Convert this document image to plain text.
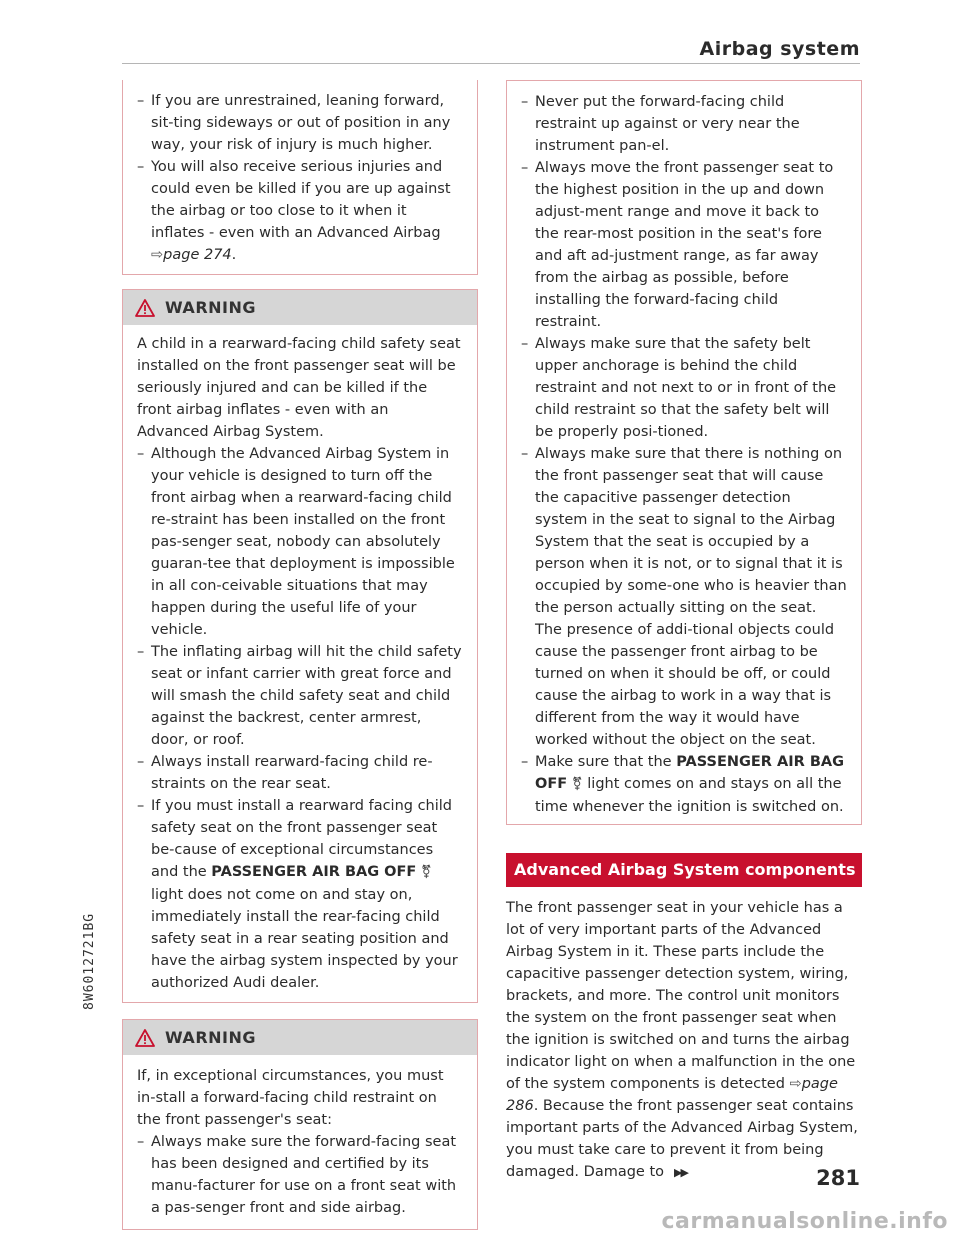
Airbag system
– If you are unrestrained, leaning forward, sit-ting sideways or out of position in any way, your risk of injury is much higher.
– You will also receive serious injuries and could even be killed if you are up against the airbag or too close to it when it inflates - even with an Advanced Airbag ⇨page 274.
WARNING

A child in a rearward-facing child safety seat installed on the front passenger seat will be seriously injured and can be killed if the front airbag inflates - even with an Advanced Airbag System.

– Although the Advanced Airbag System in your vehicle is designed to turn off the front airbag when a rearward-facing child re-straint has been installed on the front pas-senger seat, nobody can absolutely guaran-tee that deployment is impossible in all con-ceivable situations that may happen during the useful life of your vehicle.
– The inflating airbag will hit the child safety seat or infant carrier with great force and will smash the child safety seat and child against the backrest, center armrest, door, or roof.
– Always install rearward-facing child re-straints on the rear seat.
– If you must install a rearward facing child safety seat on the front passenger seat be-cause of exceptional circumstances and the PASSENGER AIR BAG OFF ⚧ light does not come on and stay on, immediately install the rear-facing child safety seat in a rear seating position and have the airbag system inspected by your authorized Audi dealer.
WARNING

If, in exceptional circumstances, you must in-stall a forward-facing child restraint on the front passenger's seat:

– Always make sure the forward-facing seat has been designed and certified by its manu-facturer for use on a front seat with a pas-senger front and side airbag.
– Never put the forward-facing child restraint up against or very near the instrument pan-el.
– Always move the front passenger seat to the highest position in the up and down adjust-ment range and move it back to the rear-most position in the seat's fore and aft ad-justment range, as far away from the airbag as possible, before installing the forward-facing child restraint.
– Always make sure that the safety belt upper anchorage is behind the child restraint and not next to or in front of the child restraint so that the safety belt will be properly posi-tioned.
– Always make sure that there is nothing on the front passenger seat that will cause the capacitive passenger detection system in the seat to signal to the Airbag System that the seat is occupied by a person when it is not, or to signal that it is occupied by some-one who is heavier than the person actually sitting on the seat. The presence of addi-tional objects could cause the passenger front airbag to be turned on when it should be off, or could cause the airbag to work in a way that is different from the way it would have worked without the object on the seat.
– Make sure that the PASSENGER AIR BAG OFF ⚧ light comes on and stays on all the time whenever the ignition is switched on.
Advanced Airbag System components

The front passenger seat in your vehicle has a lot of very important parts of the Advanced Airbag System in it. These parts include the capacitive passenger detection system, wiring, brackets, and more. The control unit monitors the system on the front passenger seat when the ignition is switched on and turns the airbag indicator light on when a malfunction in the one of the system components is detected ⇨page 286. Because the front passenger seat contains important parts of the Advanced Airbag System, you must take care to prevent it from being damaged. Damage to ▶▶

8W6012721BG
281
carmanualsonline.info
